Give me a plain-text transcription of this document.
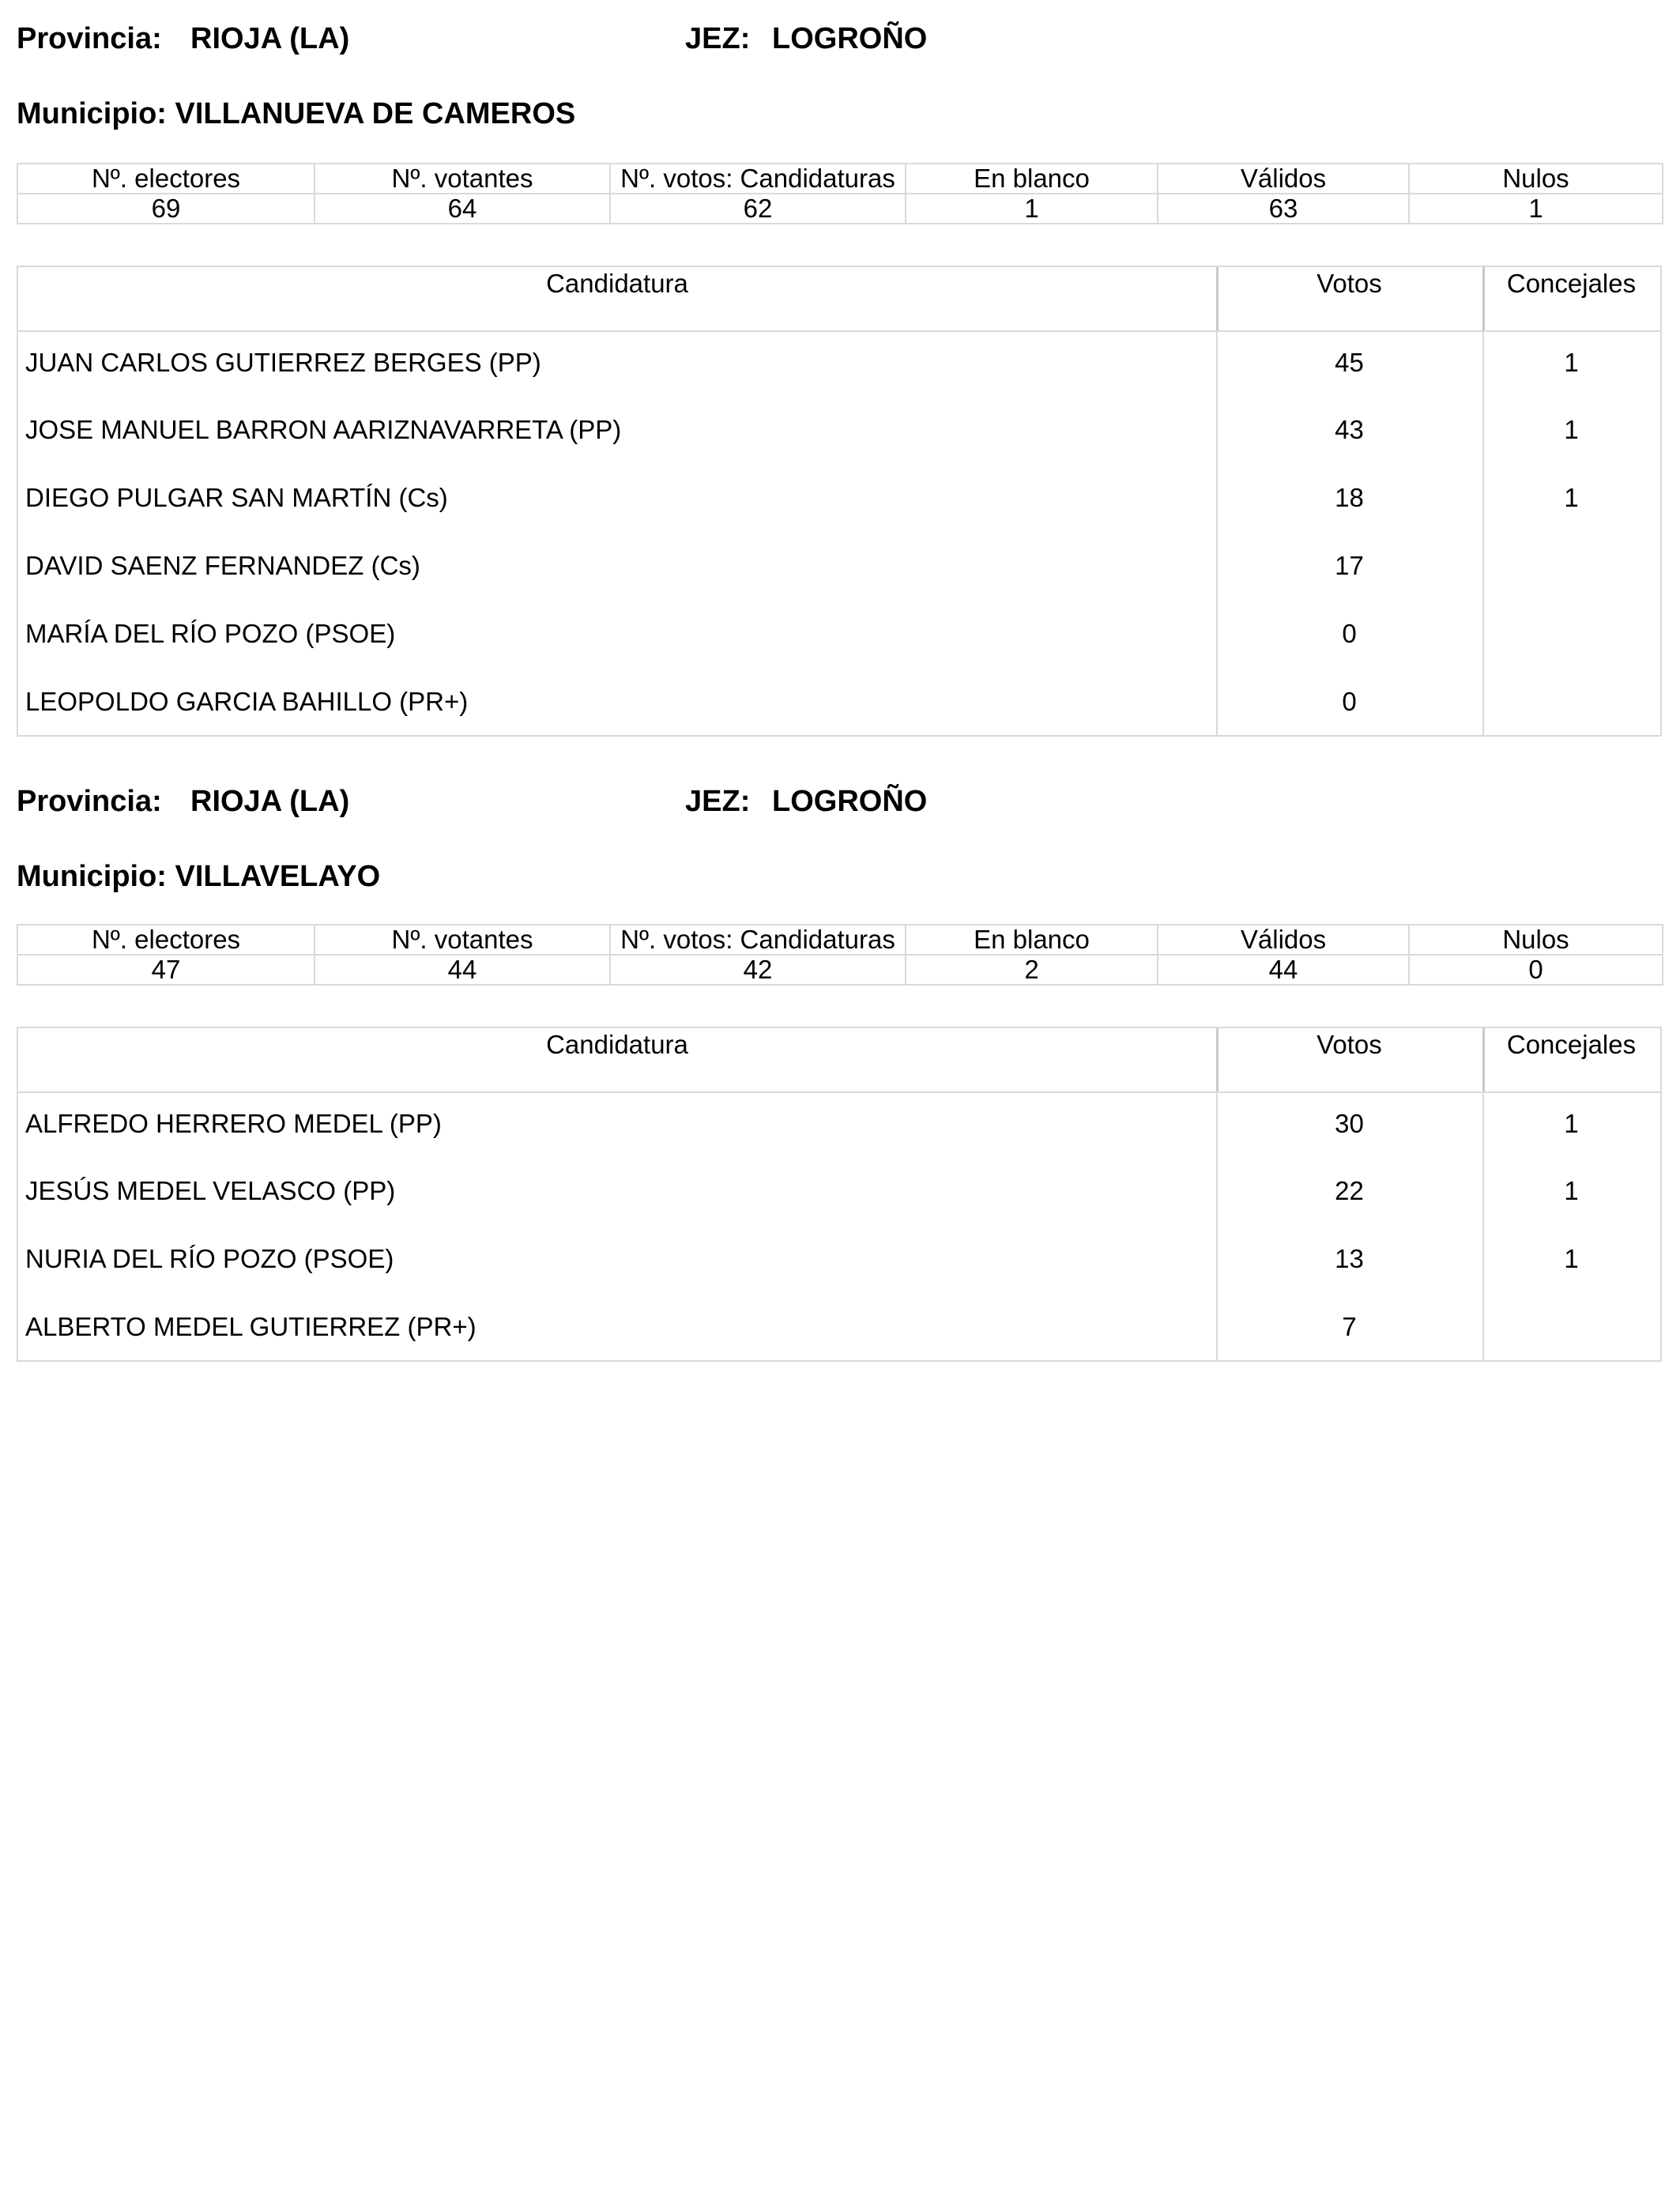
Provincia: RIOJA (LA)	JEZ: LOGROÑO
Municipio: VILLANUEVA DE CAMEROS
Nº. electores	Nº. votantes	Nº. votos: Candidaturas	En blanco	Válidos	Nulos
69	64	62	1	63	1
Candidatura	Votos	Concejales
JUAN CARLOS GUTIERREZ BERGES (PP)	45	1
JOSE MANUEL BARRON AARIZNAVARRETA (PP)	43	1
DIEGO PULGAR SAN MARTÍN (Cs)	18	1
DAVID SAENZ FERNANDEZ (Cs)	17
MARÍA DEL RÍO POZO (PSOE)	0
LEOPOLDO GARCIA BAHILLO (PR+)	0
Provincia: RIOJA (LA)	JEZ: LOGROÑO
Municipio: VILLAVELAYO
Nº. electores	Nº. votantes	Nº. votos: Candidaturas	En blanco	Válidos	Nulos
47	44	42	2	44	0
Candidatura	Votos	Concejales
ALFREDO HERRERO MEDEL (PP)	30	1
JESÚS MEDEL VELASCO (PP)	22	1
NURIA DEL RÍO POZO (PSOE)	13	1
ALBERTO MEDEL GUTIERREZ (PR+)	7
